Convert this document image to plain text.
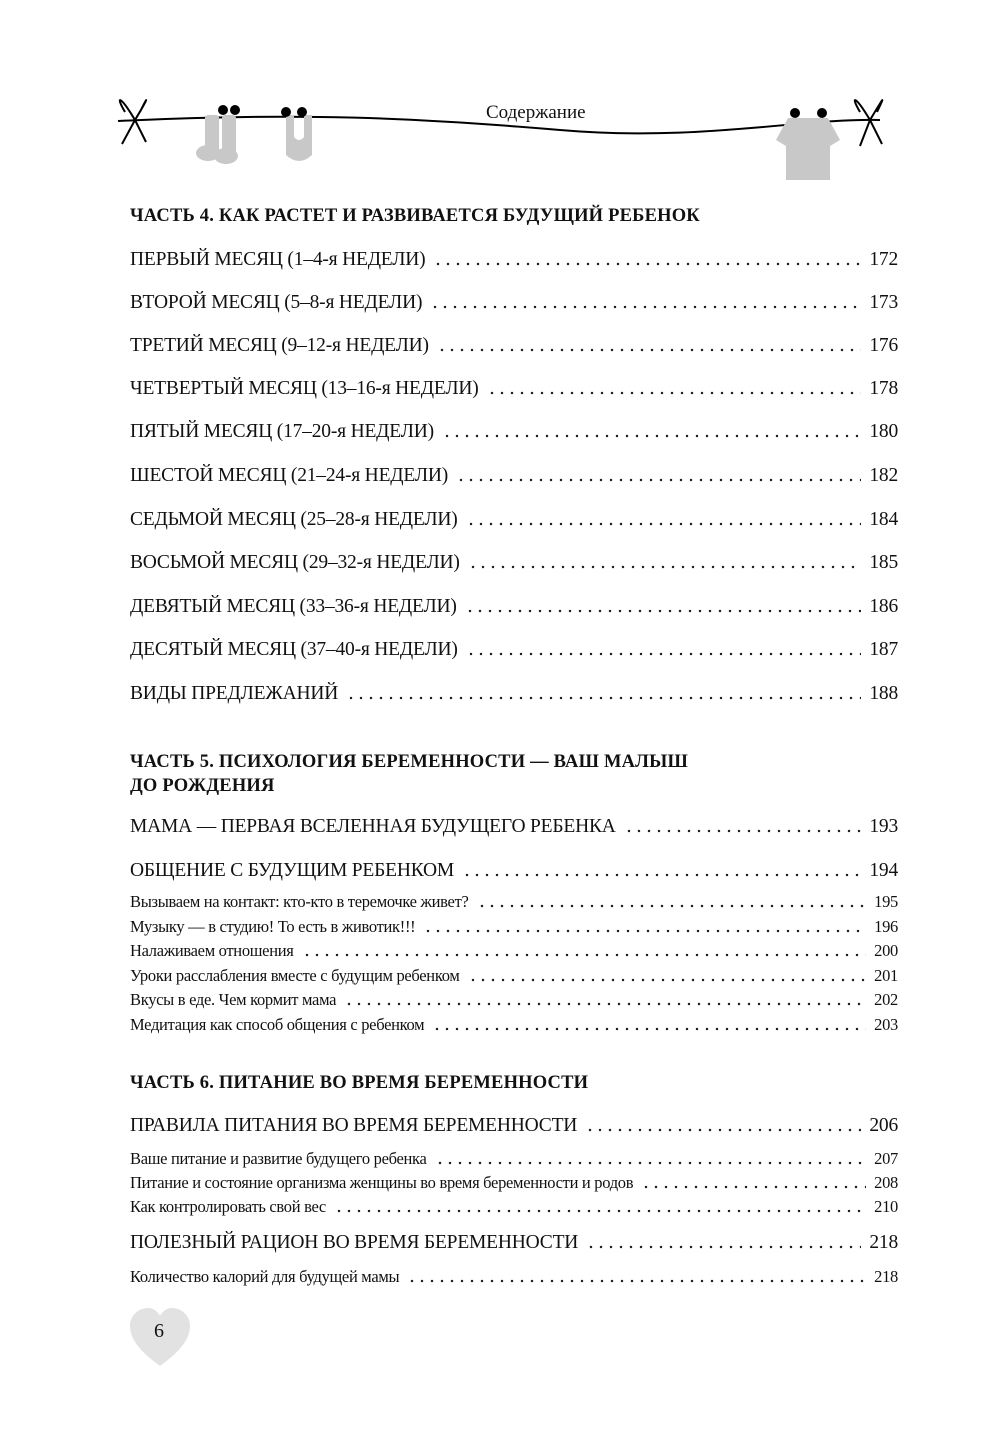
Содержание
ЧАСТЬ 4. КАК РАСТЕТ И РАЗВИВАЕТСЯ БУДУЩИЙ РЕБЕНОК
ПЕРВЫЙ МЕСЯЦ (1–4-я НЕДЕЛИ)	172
ВТОРОЙ МЕСЯЦ (5–8-я НЕДЕЛИ)	173
ТРЕТИЙ МЕСЯЦ (9–12-я НЕДЕЛИ)	176
ЧЕТВЕРТЫЙ МЕСЯЦ (13–16-я НЕДЕЛИ)	178
ПЯТЫЙ МЕСЯЦ (17–20-я НЕДЕЛИ)	180
ШЕСТОЙ МЕСЯЦ (21–24-я НЕДЕЛИ)	182
СЕДЬМОЙ МЕСЯЦ (25–28-я НЕДЕЛИ)	184
ВОСЬМОЙ МЕСЯЦ (29–32-я НЕДЕЛИ)	185
ДЕВЯТЫЙ МЕСЯЦ (33–36-я НЕДЕЛИ)	186
ДЕСЯТЫЙ МЕСЯЦ (37–40-я НЕДЕЛИ)	187
ВИДЫ ПРЕДЛЕЖАНИЙ	188
ЧАСТЬ 5. ПСИХОЛОГИЯ БЕРЕМЕННОСТИ — ВАШ МАЛЫШ
ДО РОЖДЕНИЯ
МАМА — ПЕРВАЯ ВСЕЛЕННАЯ БУДУЩЕГО РЕБЕНКА	193
ОБЩЕНИЕ С БУДУЩИМ РЕБЕНКОМ	194
Вызываем на контакт: кто-кто в теремочке живет?	195
Музыку — в студию! То есть в животик!!!	196
Налаживаем отношения	200
Уроки расслабления вместе с будущим ребенком	201
Вкусы в еде. Чем кормит мама	202
Медитация как способ общения с ребенком	203
ЧАСТЬ 6. ПИТАНИЕ ВО ВРЕМЯ БЕРЕМЕННОСТИ
ПРАВИЛА ПИТАНИЯ ВО ВРЕМЯ БЕРЕМЕННОСТИ	206
Ваше питание и развитие будущего ребенка	207
Питание и состояние организма женщины во время беременности и родов	208
Как контролировать свой вес	210
ПОЛЕЗНЫЙ РАЦИОН ВО ВРЕМЯ БЕРЕМЕННОСТИ	218
Количество калорий для будущей мамы	218
6
